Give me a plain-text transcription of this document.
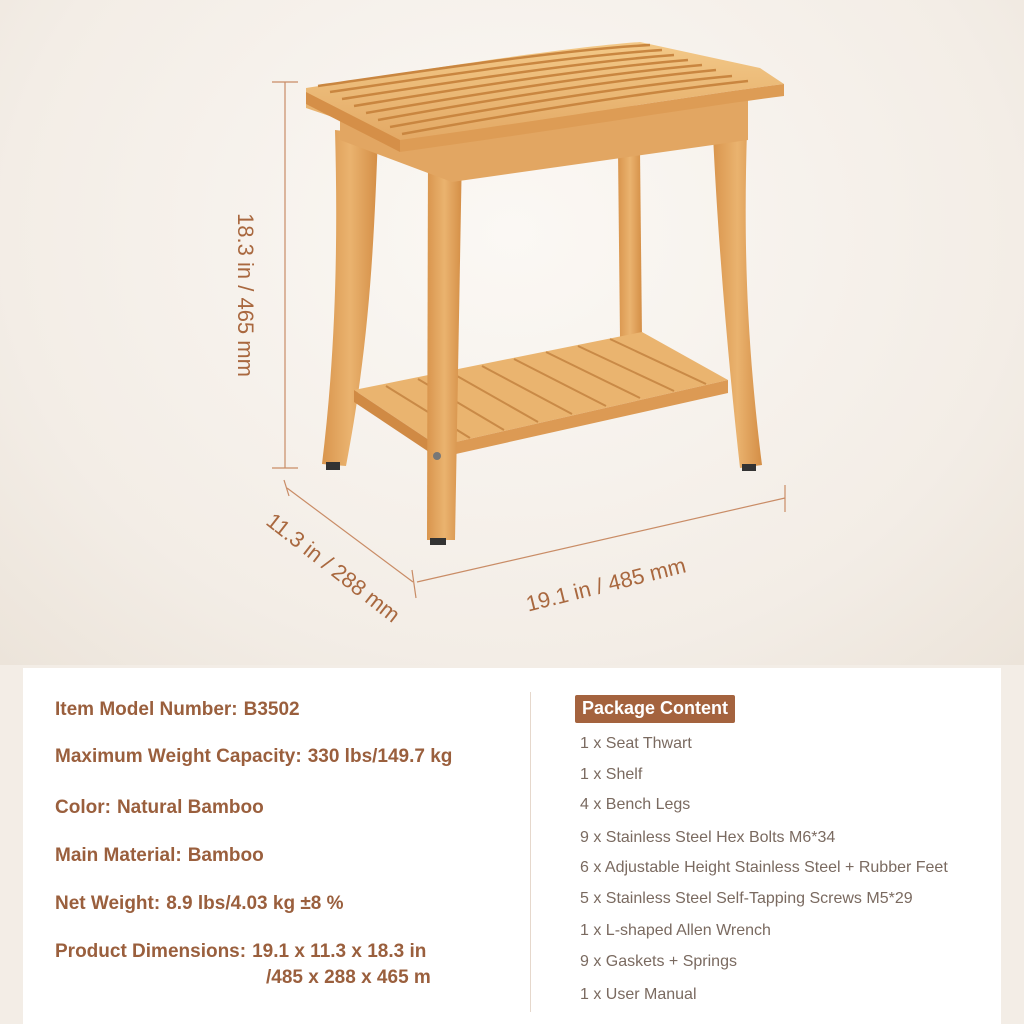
18.3 in / 465 mm
11.3 in / 288 mm	19.1 in / 485 mm
Item Model Number: B3502
Maximum Weight Capacity: 330 lbs/149.7 kg
Color: Natural Bamboo
Main Material: Bamboo
Net Weight: 8.9 lbs/4.03 kg ±8 %
Product Dimensions: 19.1 x 11.3 x 18.3 in
/485 x 288 x 465 m
Package Content
1 x Seat Thwart
1 x Shelf
4 x Bench Legs
9 x Stainless Steel Hex Bolts M6*34
6 x Adjustable Height Stainless Steel + Rubber Feet
5 x Stainless Steel Self-Tapping Screws M5*29
1 x L-shaped Allen Wrench
9 x Gaskets + Springs
1 x User Manual
